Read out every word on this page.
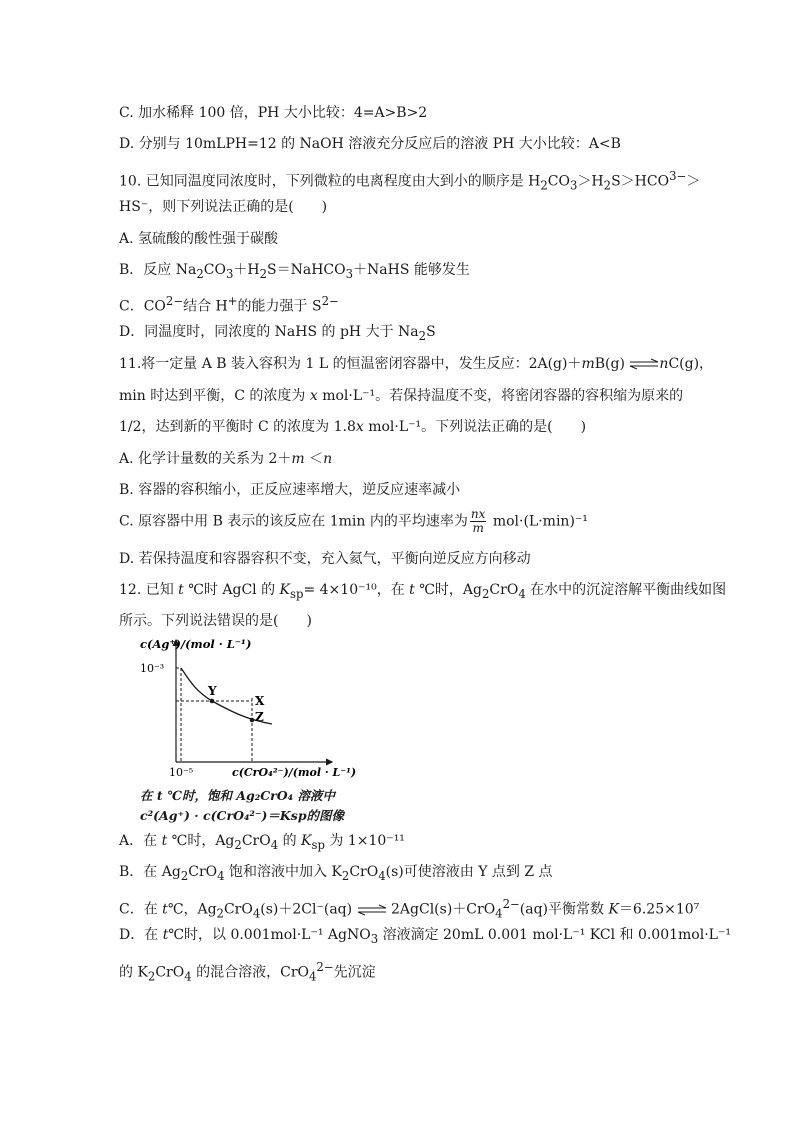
C. 加水稀释 100 倍，PH 大小比较：4=A>B>2
D. 分别与 10mLPH=12 的 NaOH 溶液充分反应后的溶液 PH 大小比较：A<B
10. 已知同温度同浓度时，下列微粒的电离程度由大到小的顺序是 $H_2CO_3>H_2S>HCO^{3-}>$
HS⁻，则下列说法正确的是(　　)
A. 氢硫酸的酸性强于碳酸
B．反应 $Na_2CO_3+H_2S=NaHCO_3+NaHS$ 能够发生
C．$CO^{2-}$结合 H+的能力强于 $S^{2-}$
D．同温度时，同浓度的 NaHS 的 pH 大于 $Na_2S$
11.将一定量 A B 装入容积为 1 L 的恒温密闭容器中，发生反应：2A(g)＋mB(g) ⇌nC(g)，
min 时达到平衡，C 的浓度为 x mol·L⁻¹。若保持温度不变，将密闭容器的容积缩为原来的
1/2，达到新的平衡时 C 的浓度为 1.8x mol·L⁻¹。下列说法正确的是(　　)
A. 化学计量数的关系为 2＋m ＜n
B. 容器的容积缩小，正反应速率增大，逆反应速率减小
C. 原容器中用 B 表示的该反应在 1min 内的平均速率为 $\frac{nx}{m} mol\cdot(L\cdot\min)^{-1}$
D. 若保持温度和容器容积不变，充入氦气，平衡向逆反应方向移动
12. 已知 t ℃时 AgCl 的 $K_{sp}= 4\times 10^{-10}$，在 t ℃时，$Ag_2CrO_4$ 在水中的沉淀溶解平衡曲线如图
所示。下列说法错误的是(　　)
c(Ag⁺)/(mol · L⁻¹)
10⁻³
10⁻⁵	c(CrO₄²⁻)/(mol · L⁻¹)
Y
X
Z
在 t ℃时，饱和 Ag₂CrO₄ 溶液中
c²(Ag⁺) · c(CrO₄²⁻)＝Ksp的图像
A．在 t ℃时，$Ag_2CrO_4$ 的 $K_{sp}$ 为 1×10⁻¹¹
B．在 $Ag_2CrO_4$ 饱和溶液中加入 $K_2CrO_4(s)$可使溶液由 Y 点到 Z 点
C．在 t℃，$Ag_2CrO_4(s)+2Cl^-(aq)$ ⇌ 2AgCl(s)＋CrO$_4^{2-}$(aq)平衡常数 K＝6.25×10⁷
D．在 t℃时，以 0.001mol·L⁻¹ AgNO$_3$ 溶液滴定 20mL 0.001 mol·L⁻¹ KCl 和 0.001mol·L⁻¹
的 $K_2CrO_4$ 的混合溶液，CrO$_4^{2-}$先沉淀
